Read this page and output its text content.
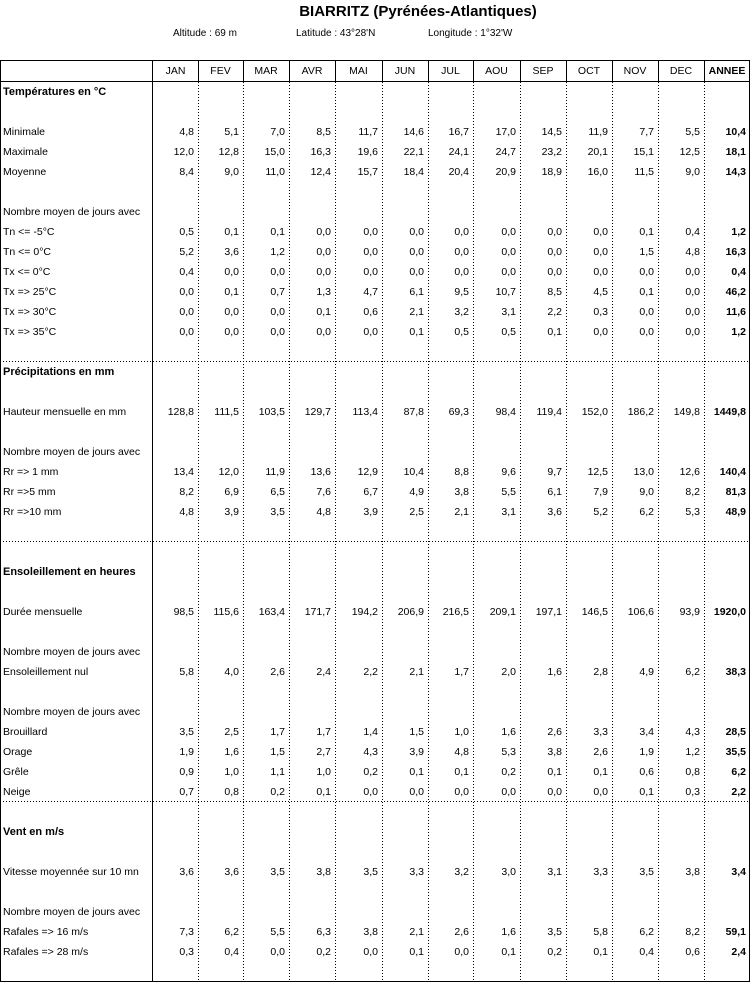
BIARRITZ (Pyrénées-Atlantiques)
Altitude : 69 m	Latitude : 43°28'N	Longitude : 1°32'W
JAN	FEV	MAR	AVR	MAI	JUN	JUL	AOU	SEP	OCT	NOV	DEC	ANNEE
Températures en °C
Minimale	4,8	5,1	7,0	8,5	11,7	14,6	16,7	17,0	14,5	11,9	7,7	5,5	10,4
Maximale	12,0	12,8	15,0	16,3	19,6	22,1	24,1	24,7	23,2	20,1	15,1	12,5	18,1
Moyenne	8,4	9,0	11,0	12,4	15,7	18,4	20,4	20,9	18,9	16,0	11,5	9,0	14,3
Nombre moyen de jours avec
Tn <= -5°C	0,5	0,1	0,1	0,0	0,0	0,0	0,0	0,0	0,0	0,0	0,1	0,4	1,2
Tn <= 0°C	5,2	3,6	1,2	0,0	0,0	0,0	0,0	0,0	0,0	0,0	1,5	4,8	16,3
Tx <= 0°C	0,4	0,0	0,0	0,0	0,0	0,0	0,0	0,0	0,0	0,0	0,0	0,0	0,4
Tx => 25°C	0,0	0,1	0,7	1,3	4,7	6,1	9,5	10,7	8,5	4,5	0,1	0,0	46,2
Tx => 30°C	0,0	0,0	0,0	0,1	0,6	2,1	3,2	3,1	2,2	0,3	0,0	0,0	11,6
Tx => 35°C	0,0	0,0	0,0	0,0	0,0	0,1	0,5	0,5	0,1	0,0	0,0	0,0	1,2
Précipitations en mm
Hauteur mensuelle en mm	128,8	111,5	103,5	129,7	113,4	87,8	69,3	98,4	119,4	152,0	186,2	149,8	1449,8
Nombre moyen de jours avec
Rr => 1 mm	13,4	12,0	11,9	13,6	12,9	10,4	8,8	9,6	9,7	12,5	13,0	12,6	140,4
Rr =>5 mm	8,2	6,9	6,5	7,6	6,7	4,9	3,8	5,5	6,1	7,9	9,0	8,2	81,3
Rr =>10 mm	4,8	3,9	3,5	4,8	3,9	2,5	2,1	3,1	3,6	5,2	6,2	5,3	48,9
Ensoleillement en heures
Durée mensuelle	98,5	115,6	163,4	171,7	194,2	206,9	216,5	209,1	197,1	146,5	106,6	93,9	1920,0
Nombre moyen de jours avec
Ensoleillement nul	5,8	4,0	2,6	2,4	2,2	2,1	1,7	2,0	1,6	2,8	4,9	6,2	38,3
Nombre moyen de jours avec
Brouillard	3,5	2,5	1,7	1,7	1,4	1,5	1,0	1,6	2,6	3,3	3,4	4,3	28,5
Orage	1,9	1,6	1,5	2,7	4,3	3,9	4,8	5,3	3,8	2,6	1,9	1,2	35,5
Grêle	0,9	1,0	1,1	1,0	0,2	0,1	0,1	0,2	0,1	0,1	0,6	0,8	6,2
Neige	0,7	0,8	0,2	0,1	0,0	0,0	0,0	0,0	0,0	0,0	0,1	0,3	2,2
Vent en m/s
Vitesse moyennée sur 10 mn	3,6	3,6	3,5	3,8	3,5	3,3	3,2	3,0	3,1	3,3	3,5	3,8	3,4
Nombre moyen de jours avec
Rafales => 16 m/s	7,3	6,2	5,5	6,3	3,8	2,1	2,6	1,6	3,5	5,8	6,2	8,2	59,1
Rafales => 28 m/s	0,3	0,4	0,0	0,2	0,0	0,1	0,0	0,1	0,2	0,1	0,4	0,6	2,4
